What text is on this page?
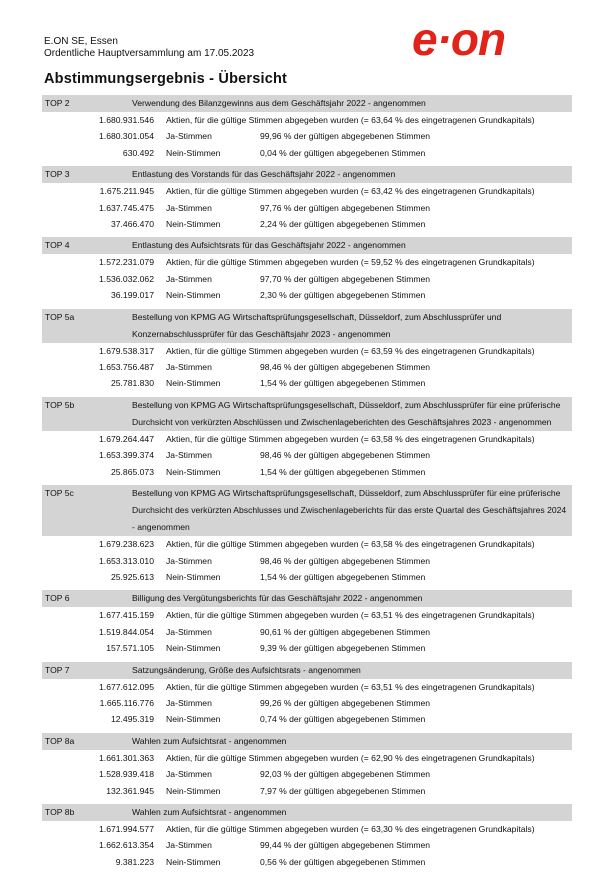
E.ON SE, Essen
Ordentliche Hauptversammlung am 17.05.2023	e·on
Abstimmungsergebnis - Übersicht
TOP 2	Verwendung des Bilanzgewinns aus dem Geschäftsjahr 2022 - angenommen
1.680.931.546 Aktien, für die gültige Stimmen abgegeben wurden (= 63,64 % des eingetragenen Grundkapitals)
1.680.301.054	Ja-Stimmen	99,96 % der gültigen abgegebenen Stimmen
630.492	Nein-Stimmen	0,04 % der gültigen abgegebenen Stimmen
TOP 3	Entlastung des Vorstands für das Geschäftsjahr 2022 - angenommen
1.675.211.945 Aktien, für die gültige Stimmen abgegeben wurden (= 63,42 % des eingetragenen Grundkapitals)
1.637.745.475	Ja-Stimmen	97,76 % der gültigen abgegebenen Stimmen
37.466.470	Nein-Stimmen	2,24 % der gültigen abgegebenen Stimmen
TOP 4	Entlastung des Aufsichtsrats für das Geschäftsjahr 2022 - angenommen
1.572.231.079 Aktien, für die gültige Stimmen abgegeben wurden (= 59,52 % des eingetragenen Grundkapitals)
1.536.032.062	Ja-Stimmen	97,70 % der gültigen abgegebenen Stimmen
36.199.017	Nein-Stimmen	2,30 % der gültigen abgegebenen Stimmen
TOP 5a	Bestellung von KPMG AG Wirtschaftsprüfungsgesellschaft, Düsseldorf, zum Abschlussprüfer und Konzernabschlussprüfer für das Geschäftsjahr 2023 - angenommen
1.679.538.317 Aktien, für die gültige Stimmen abgegeben wurden (= 63,59 % des eingetragenen Grundkapitals)
1.653.756.487	Ja-Stimmen	98,46 % der gültigen abgegebenen Stimmen
25.781.830	Nein-Stimmen	1,54 % der gültigen abgegebenen Stimmen
TOP 5b	Bestellung von KPMG AG Wirtschaftsprüfungsgesellschaft, Düsseldorf, zum Abschlussprüfer für eine prüferische Durchsicht von verkürzten Abschlüssen und Zwischenlageberichten des Geschäftsjahres 2023 - angenommen
1.679.264.447 Aktien, für die gültige Stimmen abgegeben wurden (= 63,58 % des eingetragenen Grundkapitals)
1.653.399.374	Ja-Stimmen	98,46 % der gültigen abgegebenen Stimmen
25.865.073	Nein-Stimmen	1,54 % der gültigen abgegebenen Stimmen
TOP 5c	Bestellung von KPMG AG Wirtschaftsprüfungsgesellschaft, Düsseldorf, zum Abschlussprüfer für eine prüferische Durchsicht des verkürzten Abschlusses und Zwischenlageberichts für das erste Quartal des Geschäftsjahres 2024 - angenommen
1.679.238.623 Aktien, für die gültige Stimmen abgegeben wurden (= 63,58 % des eingetragenen Grundkapitals)
1.653.313.010	Ja-Stimmen	98,46 % der gültigen abgegebenen Stimmen
25.925.613	Nein-Stimmen	1,54 % der gültigen abgegebenen Stimmen
TOP 6	Billigung des Vergütungsberichts für das Geschäftsjahr 2022 - angenommen
1.677.415.159 Aktien, für die gültige Stimmen abgegeben wurden (= 63,51 % des eingetragenen Grundkapitals)
1.519.844.054	Ja-Stimmen	90,61 % der gültigen abgegebenen Stimmen
157.571.105	Nein-Stimmen	9,39 % der gültigen abgegebenen Stimmen
TOP 7	Satzungsänderung, Größe des Aufsichtsrats - angenommen
1.677.612.095 Aktien, für die gültige Stimmen abgegeben wurden (= 63,51 % des eingetragenen Grundkapitals)
1.665.116.776	Ja-Stimmen	99,26 % der gültigen abgegebenen Stimmen
12.495.319	Nein-Stimmen	0,74 % der gültigen abgegebenen Stimmen
TOP 8a	Wahlen zum Aufsichtsrat - angenommen
1.661.301.363 Aktien, für die gültige Stimmen abgegeben wurden (= 62,90 % des eingetragenen Grundkapitals)
1.528.939.418	Ja-Stimmen	92,03 % der gültigen abgegebenen Stimmen
132.361.945	Nein-Stimmen	7,97 % der gültigen abgegebenen Stimmen
TOP 8b	Wahlen zum Aufsichtsrat - angenommen
1.671.994.577 Aktien, für die gültige Stimmen abgegeben wurden (= 63,30 % des eingetragenen Grundkapitals)
1.662.613.354	Ja-Stimmen	99,44 % der gültigen abgegebenen Stimmen
9.381.223	Nein-Stimmen	0,56 % der gültigen abgegebenen Stimmen
